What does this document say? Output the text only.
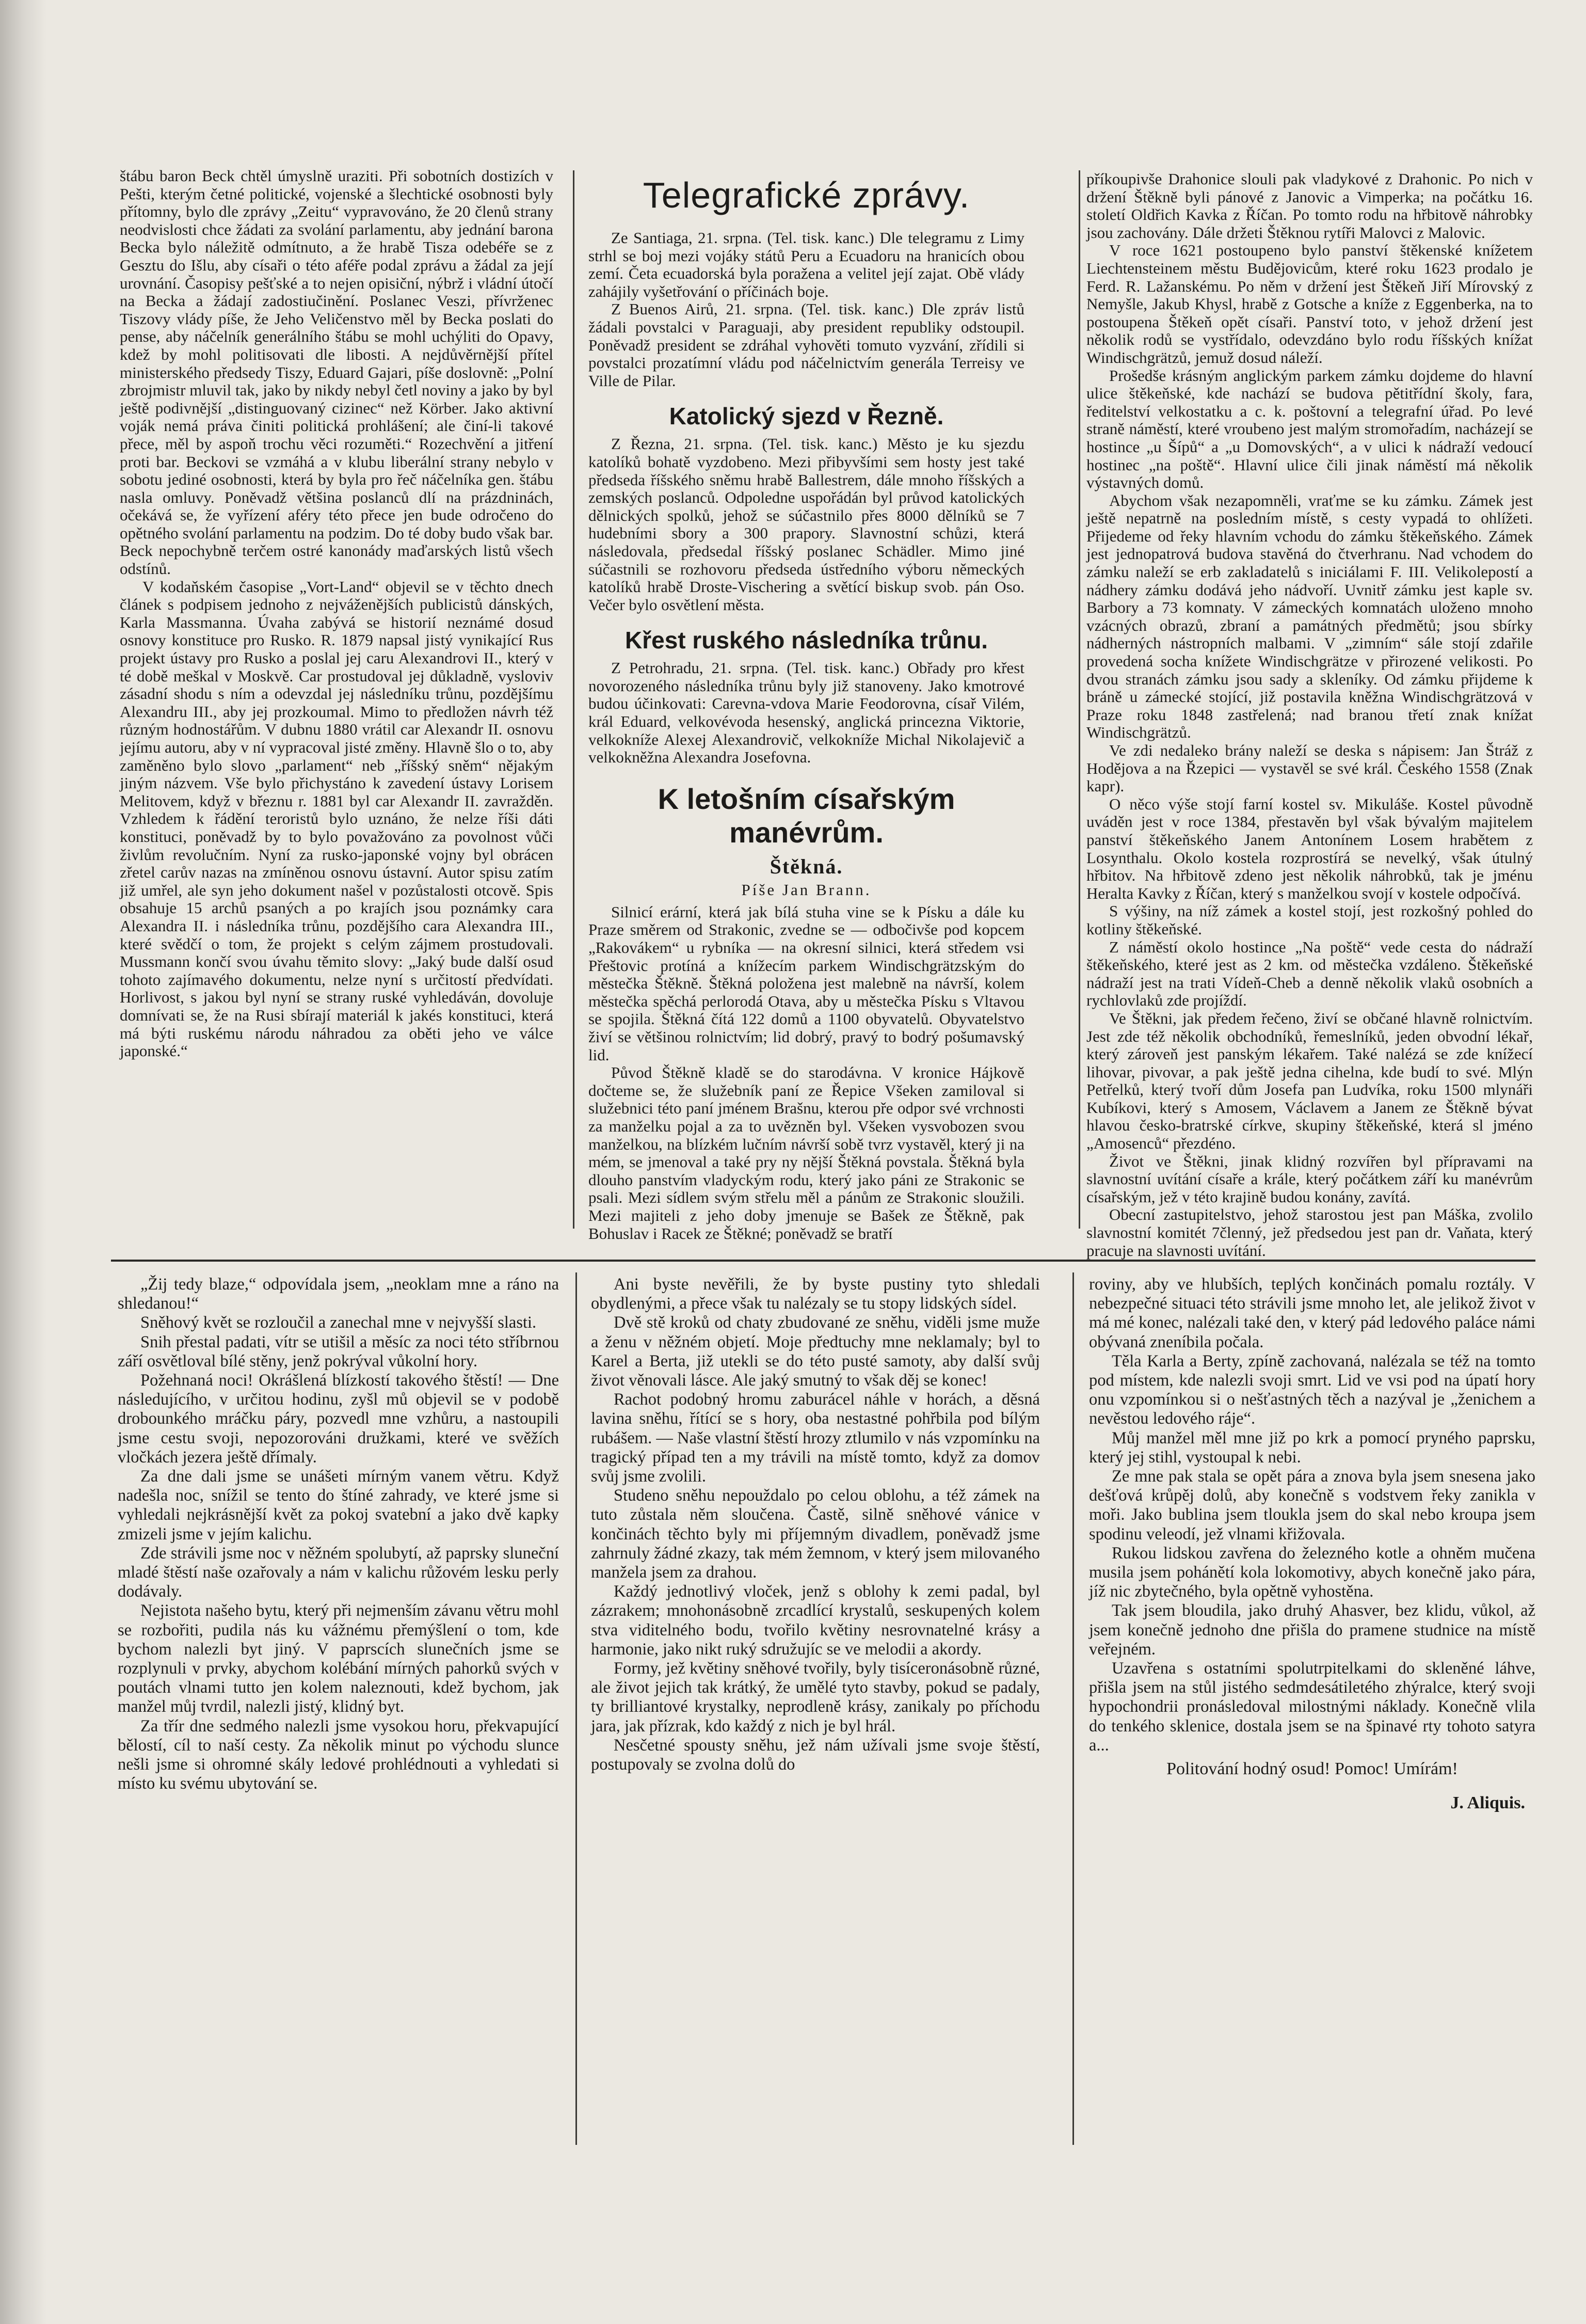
štábu baron Beck chtěl úmyslně uraziti. Při sobotních dostizích v Pešti, kterým četné politické, vojenské a šlechtické osobnosti byly přítomny, bylo dle zprávy „Zeitu“ vypravováno, že 20 členů strany neodvislosti chce žádati za svolání parlamentu, aby jednání barona Becka bylo náležitě odmítnuto, a že hrabě Tisza odebéře se z Gesztu do Išlu, aby císaři o této aféře podal zprávu a žádal za její urovnání. Časopisy pešťské a to nejen opisiční, nýbrž i vládní útočí na Becka a žádají zadostiučinění. Poslanec Veszi, přívrženec Tiszovy vlády píše, že Jeho Veličenstvo měl by Becka poslati do pense, aby náčelník generálního štábu se mohl uchýliti do Opavy, kdež by mohl politisovati dle libosti. A nejdůvěrnější přítel ministerského předsedy Tiszy, Eduard Gajari, píše doslovně: „Polní zbrojmistr mluvil tak, jako by nikdy nebyl četl noviny a jako by byl ještě podivnější „distinguovaný cizinec“ než Körber. Jako aktivní voják nemá práva činiti politická prohlášení; ale činí-li takové přece, měl by aspoň trochu věci rozuměti.“ Rozechvění a jitření proti bar. Beckovi se vzmáhá a v klubu liberální strany nebylo v sobotu jediné osobnosti, která by byla pro řeč náčelníka gen. štábu nasla omluvy. Poněvadž většina poslanců dlí na prázdninách, očekává se, že vyřízení aféry této přece jen bude odročeno do opětného svolání parlamentu na podzim. Do té doby budo však bar. Beck nepochybně terčem ostré kanonády maďarských listů všech odstínů.

V kodaňském časopise „Vort-Land“ objevil se v těchto dnech článek s podpisem jednoho z nejváženějších publicistů dánských, Karla Massmanna. Úvaha zabývá se historií neznámé dosud osnovy konstituce pro Rusko. R. 1879 napsal jistý vynikající Rus projekt ústavy pro Rusko a poslal jej caru Alexandrovi II., který v té době meškal v Moskvě. Car prostudoval jej důkladně, vysloviv zásadní shodu s ním a odevzdal jej následníku trůnu, pozdějšímu Alexandru III., aby jej prozkoumal. Mimo to předložen návrh též různým hodnostářům. V dubnu 1880 vrátil car Alexandr II. osnovu jejímu autoru, aby v ní vypracoval jisté změny. Hlavně šlo o to, aby zaměněno bylo slovo „parlament“ neb „říšský sněm“ nějakým jiným názvem. Vše bylo přichystáno k zavedení ústavy Lorisem Melitovem, když v březnu r. 1881 byl car Alexandr II. zavražděn. Vzhledem k řádění teroristů bylo uznáno, že nelze říši dáti konstituci, poněvadž by to bylo považováno za povolnost vůči živlům revolučním. Nyní za rusko-japonské vojny byl obrácen zřetel carův nazas na zmíněnou osnovu ústavní. Autor spisu zatím již umřel, ale syn jeho dokument našel v pozůstalosti otcově. Spis obsahuje 15 archů psaných a po krajích jsou poznámky cara Alexandra II. i následníka trůnu, pozdějšího cara Alexandra III., které svědčí o tom, že projekt s celým zájmem prostudovali. Mussmann končí svou úvahu těmito slovy: „Jaký bude další osud tohoto zajímavého dokumentu, nelze nyní s určitostí předvídati. Horlivost, s jakou byl nyní se strany ruské vyhledáván, dovoluje domnívati se, že na Rusi sbírají materiál k jakés konstituci, která má býti ruskému národu náhradou za oběti jeho ve válce japonské.“

Telegrafické zprávy.

Ze Santiaga, 21. srpna. (Tel. tisk. kanc.) Dle telegramu z Limy strhl se boj mezi vojáky států Peru a Ecuadoru na hranicích obou zemí. Četa ecuadorská byla poražena a velitel její zajat. Obě vlády zahájily vyšetřování o příčinách boje.

Z Buenos Airů, 21. srpna. (Tel. tisk. kanc.) Dle zpráv listů žádali povstalci v Paraguaji, aby president republiky odstoupil. Poněvadž president se zdráhal vyhověti tomuto vyzvání, zřídili si povstalci prozatímní vládu pod náčelnictvím generála Terreisy ve Ville de Pilar.

Katolický sjezd v Řezně.

Z Řezna, 21. srpna. (Tel. tisk. kanc.) Město je ku sjezdu katolíků bohatě vyzdobeno. Mezi přibyvšími sem hosty jest také předseda říšského sněmu hrabě Ballestrem, dále mnoho říšských a zemských poslanců. Odpoledne uspořádán byl průvod katolických dělnických spolků, jehož se súčastnilo přes 8000 dělníků se 7 hudebními sbory a 300 prapory. Slavnostní schůzi, která následovala, předsedal říšský poslanec Schädler. Mimo jiné súčastnili se rozhovoru předseda ústředního výboru německých katolíků hrabě Droste-Vischering a světící biskup svob. pán Oso. Večer bylo osvětlení města.

Křest ruského následníka trůnu.

Z Petrohradu, 21. srpna. (Tel. tisk. kanc.) Obřady pro křest novorozeného následníka trůnu byly již stanoveny. Jako kmotrové budou účinkovati: Carevna-vdova Marie Feodorovna, císař Vilém, král Eduard, velkovévoda hesenský, anglická princezna Viktorie, velkokníže Alexej Alexandrovič, velkokníže Michal Nikolajevič a velkokněžna Alexandra Josefovna.

K letošním císařským manévrům.
Štěkná.
Píše Jan Brann.

Silnicí erární, která jak bílá stuha vine se k Písku a dále ku Praze směrem od Strakonic, zvedne se — odbočivše pod kopcem „Rakovákem“ u rybníka — na okresní silnici, která středem vsi Přeštovic protíná a knížecím parkem Windischgrätzským do městečka Štěkně. Štěkná položena jest malebně na návrší, kolem městečka spěchá perlorodá Otava, aby u městečka Písku s Vltavou se spojila. Štěkná čítá 122 domů a 1100 obyvatelů. Obyvatelstvo živí se většinou rolnictvím; lid dobrý, pravý to bodrý pošumavský lid.

Původ Štěkně kladě se do starodávna. V kronice Hájkově dočteme se, že služebník paní ze Řepice Všeken zamiloval si služebnici této paní jménem Brašnu, kterou pře odpor své vrchnosti za manželku pojal a za to uvězněn byl. Všeken vysvobozen svou manželkou, na blízkém lučním návrší sobě tvrz vystavěl, který ji na mém, se jmenoval a také pry ny nější Štěkná povstala. Štěkná byla dlouho panstvím vladyckým rodu, který jako páni ze Strakonic se psali. Mezi sídlem svým střelu měl a pánům ze Strakonic sloužili. Mezi majiteli z jeho doby jmenuje se Bašek ze Štěkně, pak Bohuslav i Racek ze Štěkné; poněvadž se bratří

příkoupivše Drahonice slouli pak vladykové z Drahonic. Po nich v držení Štěkně byli pánové z Janovic a Vimperka; na počátku 16. století Oldřich Kavka z Říčan. Po tomto rodu na hřbitově náhrobky jsou zachovány. Dále držeti Štěknou rytíři Malovci z Malovic.

V roce 1621 postoupeno bylo panství štěkenské knížetem Liechtensteinem městu Budějovicům, které roku 1623 prodalo je Ferd. R. Lažanskému. Po něm v držení jest Štěkeň Jiří Mírovský z Nemyšle, Jakub Khysl, hrabě z Gotsche a kníže z Eggenberka, na to postoupena Štěkeň opět císaři. Panství toto, v jehož držení jest několik rodů se vystřídalo, odevzdáno bylo rodu říšských knížat Windischgrätzů, jemuž dosud náleží.

Prošedše krásným anglickým parkem zámku dojdeme do hlavní ulice štěkeňské, kde nachází se budova pětitřídní školy, fara, ředitelství velkostatku a c. k. poštovní a telegrafní úřad. Po levé straně náměstí, které vroubeno jest malým stromořadím, nacházejí se hostince „u Šípů“ a „u Domovských“, a v ulici k nádraží vedoucí hostinec „na poště“. Hlavní ulice čili jinak náměstí má několik výstavných domů.

Abychom však nezapomněli, vraťme se ku zámku. Zámek jest ještě nepatrně na posledním místě, s cesty vypadá to ohlížeti. Přijedeme od řeky hlavním vchodu do zámku štěkeňského. Zámek jest jednopatrová budova stavěná do čtverhranu. Nad vchodem do zámku naleží se erb zakladatelů s iniciálami F. III. Velikolepostí a nádhery zámku dodává jeho nádvoří. Uvnitř zámku jest kaple sv. Barbory a 73 komnaty. V zámeckých komnatách uloženo mnoho vzácných obrazů, zbraní a památných předmětů; jsou sbírky nádherných nástropních malbami. V „zimním“ sále stojí zdařile provedená socha knížete Windischgrätze v přirozené velikosti. Po dvou stranách zámku jsou sady a skleníky. Od zámku přijdeme k bráně u zámecké stojící, již postavila kněžna Windischgrätzová v Praze roku 1848 zastřelená; nad branou třetí znak knížat Windischgrätzů.

Ve zdi nedaleko brány naleží se deska s nápisem: Jan Štráž z Hodějova a na Řzepici — vystavěl se své král. Českého 1558 (Znak kapr).

O něco výše stojí farní kostel sv. Mikuláše. Kostel původně uváděn jest v roce 1384, přestavěn byl však bývalým majitelem panství štěkeňského Janem Antonínem Losem hrabětem z Losynthalu. Okolo kostela rozprostírá se nevelký, však útulný hřbitov. Na hřbitově zdeno jest několik náhrobků, tak je jménu Heralta Kavky z Říčan, který s manželkou svojí v kostele odpočívá.

S výšiny, na níž zámek a kostel stojí, jest rozkošný pohled do kotliny štěkeňské.

Z náměstí okolo hostince „Na poště“ vede cesta do nádraží štěkeňského, které jest as 2 km. od městečka vzdáleno. Štěkeňské nádraží jest na trati Vídeň-Cheb a denně několik vlaků osobních a rychlovlaků zde projíždí.

Ve Štěkni, jak předem řečeno, živí se občané hlavně rolnictvím. Jest zde též několik obchodníků, řemeslníků, jeden obvodní lékař, který zároveň jest panským lékařem. Také nalézá se zde knížecí lihovar, pivovar, a pak ještě jedna cihelna, kde budí to své. Mlýn Petřelků, který tvoří dům Josefa pan Ludvíka, roku 1500 mlynáři Kubíkovi, který s Amosem, Václavem a Janem ze Štěkně bývat hlavou česko-bratrské církve, skupiny štěkeňské, která sl jméno „Amosenců“ přezdéno.

Život ve Štěkni, jinak klidný rozvířen byl přípravami na slavnostní uvítání císaře a krále, který počátkem září ku manévrům císařským, jež v této krajině budou konány, zavítá.

Obecní zastupitelstvo, jehož starostou jest pan Máška, zvolilo slavnostní komitét 7členný, jež předsedou jest pan dr. Vaňata, který pracuje na slavnosti uvítání.

„Žij tedy blaze,“ odpovídala jsem, „neoklam mne a ráno na shledanou!“

Sněhový květ se rozloučil a zanechal mne v nejvyšší slasti.

Snih přestal padati, vítr se utišil a měsíc za noci této stříbrnou září osvětloval bílé stěny, jenž pokrýval vůkolní hory.

Požehnaná noci! Okrášlená blízkostí takového štěstí! — Dne následujícího, v určitou hodinu, zyšl mů objevil se v podobě drobounkého mráčku páry, pozvedl mne vzhůru, a nastoupili jsme cestu svoji, nepozorováni družkami, které ve svěžích vločkách jezera ještě dřímaly.

Za dne dali jsme se unášeti mírným vanem větru. Když nadešla noc, snížil se tento do štíné zahrady, ve které jsme si vyhledali nejkrásnější květ za pokoj svatební a jako dvě kapky zmizeli jsme v jejím kalichu.

Zde strávili jsme noc v něžném spolubytí, až paprsky sluneční mladé štěstí naše ozařovaly a nám v kalichu růžovém lesku perly dodávaly.

Nejistota našeho bytu, který při nejmenším závanu větru mohl se rozbořiti, pudila nás ku vážnému přemýšlení o tom, kde bychom nalezli byt jiný. V paprscích slunečních jsme se rozplynuli v prvky, abychom kolébání mírných pahorků svých v poutách vlnami tutto jen kolem naleznouti, kdež bychom, jak manžel můj tvrdil, nalezli jistý, klidný byt.

Za třír dne sedmého nalezli jsme vysokou horu, překvapující bělostí, cíl to naší cesty. Za několik minut po východu slunce nešli jsme si ohromné skály ledové prohlédnouti a vyhledati si místo ku svému ubytování se.

Ani byste nevěřili, že by byste pustiny tyto shledali obydlenými, a přece však tu nalézaly se tu stopy lidských sídel.

Dvě stě kroků od chaty zbudované ze sněhu, viděli jsme muže a ženu v něžném objetí. Moje předtuchy mne neklamaly; byl to Karel a Berta, již utekli se do této pusté samoty, aby další svůj život věnovali lásce. Ale jaký smutný to však děj se konec!

Rachot podobný hromu zaburácel náhle v horách, a děsná lavina sněhu, řítící se s hory, oba nestastné pohřbila pod bílým rubášem. — Naše vlastní štěstí hrozy ztlumilo v nás vzpomínku na tragický případ ten a my trávili na místě tomto, když za domov svůj jsme zvolili.

Studeno sněhu nepouždalo po celou oblohu, a též zámek na tuto zůstala něm sloučena. Častě, silně sněhové vánice v končinách těchto byly mi příjemným divadlem, poněvadž jsme zahrnuly žádné zkazy, tak mém žemnom, v který jsem milovaného manžela jsem za drahou.

Každý jednotlivý vloček, jenž s oblohy k zemi padal, byl zázrakem; mnohonásobně zrcadlící krystalů, seskupených kolem stva viditelného bodu, tvořilo květiny nesrovnatelné krásy a harmonie, jako nikt ruký sdružujíc se ve melodii a akordy.

Formy, jež květiny sněhové tvořily, byly tisíceronásobně různé, ale život jejich tak krátký, že umělé tyto stavby, pokud se padaly, ty brilliantové krystalky, neprodleně krásy, zanikaly po příchodu jara, jak přízrak, kdo každý z nich je byl hrál.

Nesčetné spousty sněhu, jež nám užívali jsme svoje štěstí, postupovaly se zvolna dolů do

roviny, aby ve hlubších, teplých končinách pomalu roztály. V nebezpečné situaci této strávili jsme mnoho let, ale jelikož život v má mé konec, nalézali také den, v který pád ledového paláce námi obývaná zneníbila počala.

Těla Karla a Berty, zpíně zachovaná, nalézala se též na tomto pod místem, kde nalezli svoji smrt. Lid ve vsi pod na úpatí hory onu vzpomínkou si o nešťastných těch a nazýval je „ženichem a nevěstou ledového ráje“.

Můj manžel měl mne již po krk a pomocí pryného paprsku, který jej stihl, vystoupal k nebi.

Ze mne pak stala se opět pára a znova byla jsem snesena jako dešťová krůpěj dolů, aby konečně s vodstvem řeky zanikla v moři. Jako bublina jsem tloukla jsem do skal nebo kroupa jsem spodinu veleodí, jež vlnami křižovala.

Rukou lidskou zavřena do železného kotle a ohněm mučena musila jsem pohánětí kola lokomotivy, abych konečně jako pára, jíž nic zbytečného, byla opětně vyhostěna.

Tak jsem bloudila, jako druhý Ahasver, bez klidu, vůkol, až jsem konečně jednoho dne přišla do pramene studnice na místě veřejném.

Uzavřena s ostatními spolutrpitelkami do skleněné láhve, přišla jsem na stůl jistého sedmdesátiletého zhýralce, který svoji hypochondrii pronásledoval milostnými náklady. Konečně vlila do tenkého sklenice, dostala jsem se na špinavé rty tohoto satyra a...

Politování hodný osud! Pomoc! Umírám!
J. Aliquis.
